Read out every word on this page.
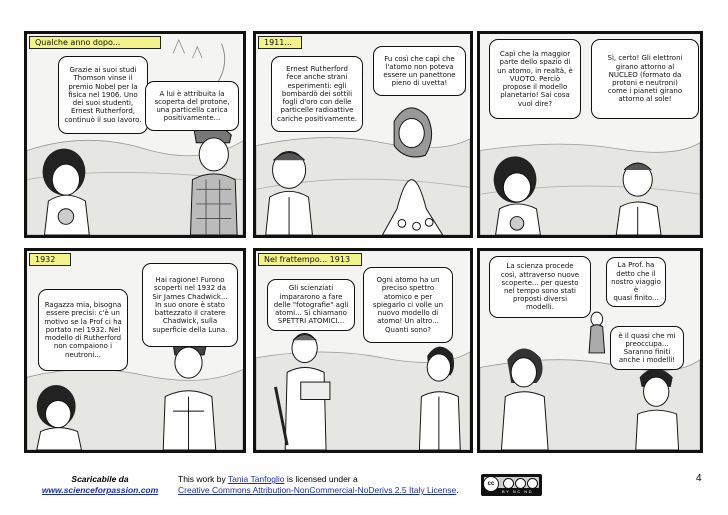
Qualche anno dopo...
Grazie ai suoi studi
Thomson vinse il
premio Nobel per la
fisica nel 1906. Uno
dei suoi studenti,
Ernest Rutherford,
continuò il suo lavoro.
A lui è attribuita la
scoperta del protone,
una particella carica
positivamente...
1911...
Ernest Rutherford
fece anche strani
esperimenti: egli
bombardò dei sottili
fogli d'oro con delle
particelle radioattive
cariche positivamente.
Fu così che capì che
l'atomo non poteva
essere un panettone
pieno di uvetta!
Capì che la maggior
parte dello spazio di
un atomo, in realtà, è
VUOTO. Perciò
propose il modello
planetario! Sai cosa
vuol dire?
Sì, certo! Gli elettroni
girano attorno al
NUCLEO (formato da
protoni e neutroni)
come i pianeti girano
attorno al sole!
1932
Ragazza mia, bisogna
essere precisi: c'è un
motivo se la Prof ci ha
portato nel 1932. Nel
modello di Rutherford
non compaiono i
neutroni...
Hai ragione! Furono
scoperti nel 1932 da
Sir James Chadwick...
In suo onore è stato
battezzato il cratere
Chadwick, sulla
superficie della Luna.
Nel frattempo... 1913
Gli scienziati
impararono a fare
delle "fotografie" agli
atomi... Si chiamano
SPETTRI ATOMICI...
Ogni atomo ha un
preciso spettro
atomico e per
spiegarlo ci volle un
nuovo modello di
atomo! Un altro...
Quanti sono?
La scienza procede
così, attraverso nuove
scoperte... per questo
nel tempo sono stati
proposti diversi
modelli.
La Prof. ha
detto che il
nostro viaggio è
quasi finito...
è il quasi che mi
preoccupa...
Saranno finiti
anche i modelli!
Scaricabile da
www.scienceforpassion.com
This work by Tania Tanfoglio is licensed under a
Creative Commons Attribution-NonCommercial-NoDerivs 2.5 Italy License.
cc
BY NC ND
4
